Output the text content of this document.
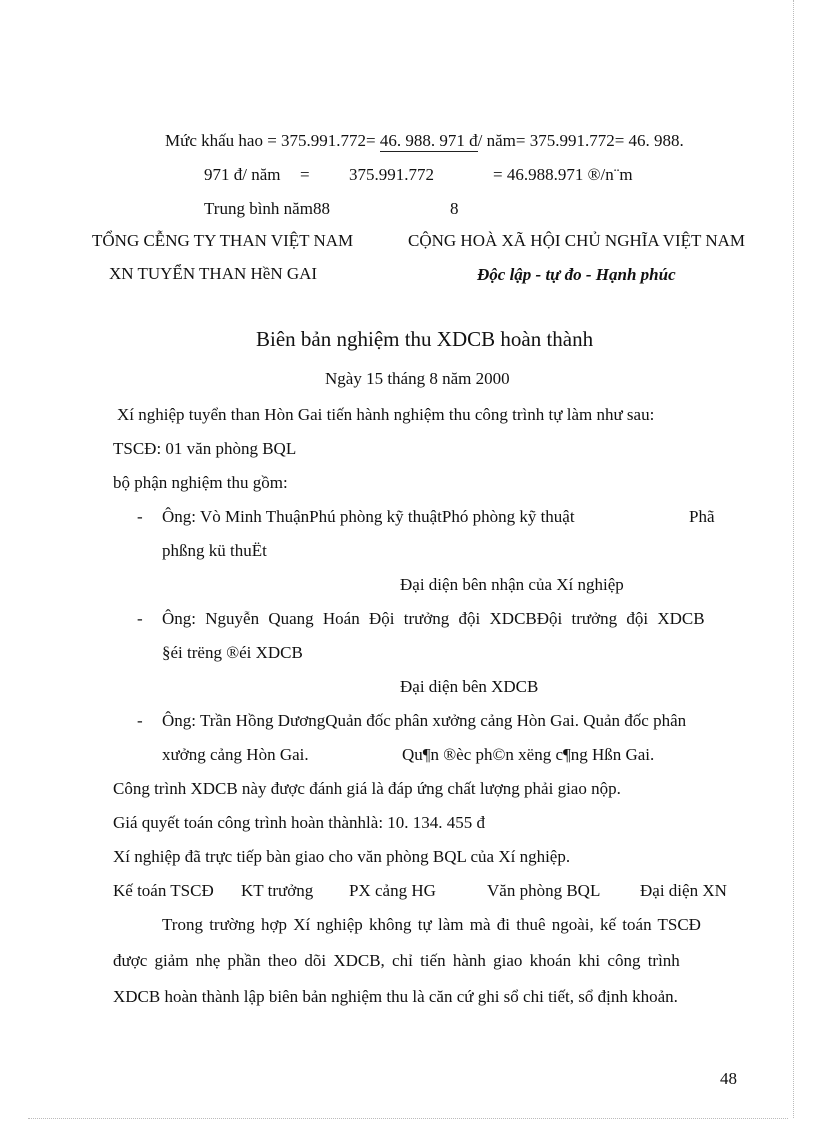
Mức khấu hao = 375.991.772= 46. 988. 971 đ/ năm= 375.991.772= 46. 988.
971 đ/ năm = 375.991.772	= 46.988.971 ®/n¨m
Trung bình năm88	8
TỔNG CỄNG TY THAN VIỆT NAM	CỘNG HOÀ XÃ HỘI CHỦ NGHĨA VIỆT NAM
XN TUYỂN THAN HềN GAI	Độc lập - tự đo - Hạnh phúc
Biên bản nghiệm thu XDCB hoàn thành
Ngày 15 tháng 8 năm 2000
Xí nghiệp tuyển than Hòn Gai tiến hành nghiệm thu công trình tự làm như sau:
TSCĐ: 01 văn phòng BQL
bộ phận nghiệm thu gồm:
- Ông: Vò Minh ThuậnPhú phòng kỹ thuậtPhó phòng kỹ thuật	Phã
phßng kü thuËt
Đại diện bên nhận của Xí nghiệp
- Ông: Nguyễn Quang Hoán Đội trưởng đội XDCBĐội trưởng đội XDCB
§éi trëng ®éi XDCB
Đại diện bên XDCB
- Ông: Trần Hồng DươngQuản đốc phân xưởng cảng Hòn Gai. Quản đốc phân
xưởng cảng Hòn Gai.	Qu¶n ®èc ph©n xëng c¶ng Hßn Gai.
Công trình XDCB này được đánh giá là đáp ứng chất lượng phải giao nộp.
Giá quyết toán công trình hoàn thànhlà: 10. 134. 455 đ
Xí nghiệp đã trực tiếp bàn giao cho văn phòng BQL của Xí nghiệp.
Kế toán TSCĐ KT trưởng PX cảng HG	Văn phòng BQL Đại diện XN
Trong trường hợp Xí nghiệp không tự làm mà đi thuê ngoài, kế toán TSCĐ
được giảm nhẹ phần theo dõi XDCB, chỉ tiến hành giao khoán khi công trình
XDCB hoàn thành lập biên bản nghiệm thu là căn cứ ghi sổ chi tiết, sổ định khoản.
48
